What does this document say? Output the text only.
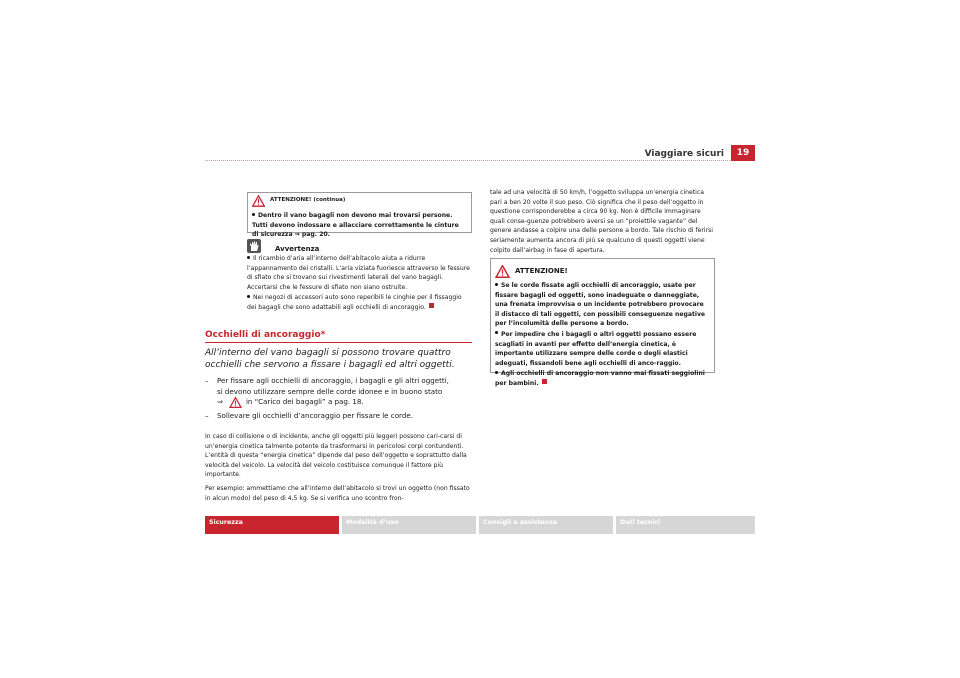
Viaggiare sicuri	19
ATTENZIONE! (continua)

Dentro il vano bagagli non devono mai trovarsi persone. Tutti devono indossare e allacciare correttamente le cinture di sicurezza ⇒ pag. 20.

Avvertenza

Il ricambio d’aria all’interno dell’abitacolo aiuta a ridurre l’appannamento dei cristalli. L’aria viziata fuoriesce attraverso le fessure di sfiato che si trovano sui rivestimenti laterali del vano bagagli. Accertarsi che le fessure di sfiato non siano ostruite.

Nei negozi di accessori auto sono reperibili le cinghie per il fissaggio dei bagagli che sono adattabili agli occhielli di ancoraggio.

Occhielli di ancoraggio*
All’interno del vano bagagli si possono trovare quattro occhielli che servono a fissare i bagagli ed altri oggetti.
–	Per fissare agli occhielli di ancoraggio, i bagagli e gli altri oggetti,
si devono utilizzare sempre delle corde idonee e in buono stato
⇒	in “Carico dei bagagli” a pag. 18.
–	Sollevare gli occhielli d’ancoraggio per fissare le corde.

In caso di collisione o di incidente, anche gli oggetti più leggeri possono cari-carsi di un’energia cinetica talmente potente da trasformarsi in pericolosi corpi contundenti. L’entità di questa “energia cinetica” dipende dal peso dell’oggetto e soprattutto dalla velocità del veicolo. La velocità del veicolo costituisce comunque il fattore più importante.

Per esempio: ammettiamo che all’interno dell’abitacolo si trovi un oggetto (non fissato in alcun modo) del peso di 4,5 kg. Se si verifica uno scontro fron-

tale ad una velocità di 50 km/h, l’oggetto sviluppa un’energia cinetica pari a ben 20 volte il suo peso. Ciò significa che il peso dell’oggetto in questione corrisponderebbe a circa 90 kg. Non è difficile immaginare quali conse-guenze potrebbero aversi se un “proiettile vagante” del genere andasse a colpire una delle persone a bordo. Tale rischio di ferirsi seriamente aumenta ancora di più se qualcuno di questi oggetti viene colpito dall’airbag in fase di apertura.
ATTENZIONE!

Se le corde fissate agli occhielli di ancoraggio, usate per fissare bagagli od oggetti, sono inadeguate o danneggiate, una frenata improvvisa o un incidente potrebbero provocare il distacco di tali oggetti, con possibili conseguenze negative per l’incolumità delle persone a bordo.

Per impedire che i bagagli o altri oggetti possano essere scagliati in avanti per effetto dell’energia cinetica, è importante utilizzare sempre delle corde o degli elastici adeguati, fissandoli bene agli occhielli di anco-raggio.

Agli occhielli di ancoraggio non vanno mai fissati seggiolini per bambini.

Sicurezza	Modalità d’uso	Consigli e assistenza	Dati tecnici
